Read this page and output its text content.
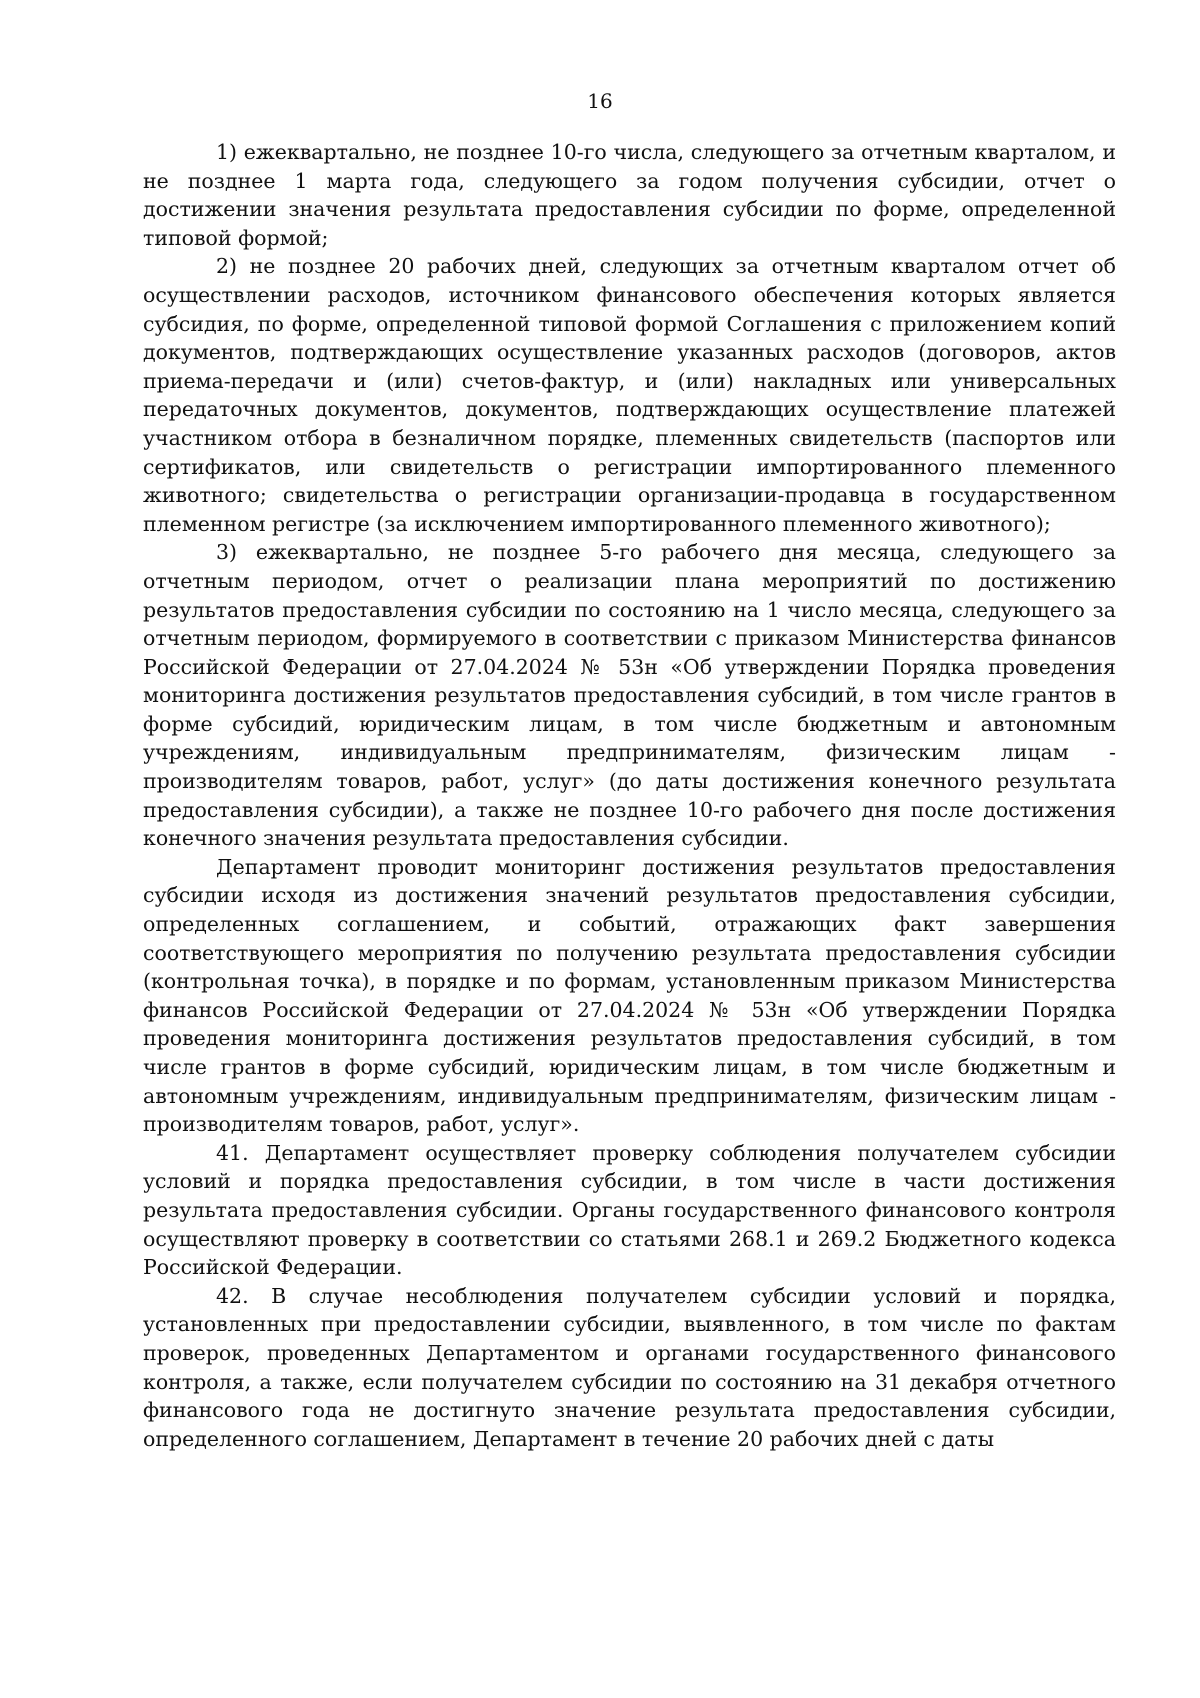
16

1) ежеквартально, не позднее 10-го числа, следующего за отчетным кварталом, и не позднее 1 марта года, следующего за годом получения субсидии, отчет о достижении значения результата предоставления субсидии по форме, определенной типовой формой;

2) не позднее 20 рабочих дней, следующих за отчетным кварталом отчет об осуществлении расходов, источником финансового обеспечения которых является субсидия, по форме, определенной типовой формой Соглашения с приложением копий документов, подтверждающих осуществление указанных расходов (договоров, актов приема-передачи и (или) счетов-фактур, и (или) накладных или универсальных передаточных документов, документов, подтверждающих осуществление платежей участником отбора в безналичном порядке, племенных свидетельств (паспортов или сертификатов, или свидетельств о регистрации импортированного племенного животного; свидетельства о регистрации организации-продавца в государственном племенном регистре (за исключением импортированного племенного животного);

3) ежеквартально, не позднее 5-го рабочего дня месяца, следующего за отчетным периодом, отчет о реализации плана мероприятий по достижению результатов предоставления субсидии по состоянию на 1 число месяца, следующего за отчетным периодом, формируемого в соответствии с приказом Министерства финансов Российской Федерации от 27.04.2024 № 53н «Об утверждении Порядка проведения мониторинга достижения результатов предоставления субсидий, в том числе грантов в форме субсидий, юридическим лицам, в том числе бюджетным и автономным учреждениям, индивидуальным предпринимателям, физическим лицам - производителям товаров, работ, услуг» (до даты достижения конечного результата предоставления субсидии), а также не позднее 10-го рабочего дня после достижения конечного значения результата предоставления субсидии.

Департамент проводит мониторинг достижения результатов предоставления субсидии исходя из достижения значений результатов предоставления субсидии, определенных соглашением, и событий, отражающих факт завершения соответствующего мероприятия по получению результата предоставления субсидии (контрольная точка), в порядке и по формам, установленным приказом Министерства финансов Российской Федерации от 27.04.2024 № 53н «Об утверждении Порядка проведения мониторинга достижения результатов предоставления субсидий, в том числе грантов в форме субсидий, юридическим лицам, в том числе бюджетным и автономным учреждениям, индивидуальным предпринимателям, физическим лицам - производителям товаров, работ, услуг».

41. Департамент осуществляет проверку соблюдения получателем субсидии условий и порядка предоставления субсидии, в том числе в части достижения результата предоставления субсидии. Органы государственного финансового контроля осуществляют проверку в соответствии со статьями 268.1 и 269.2 Бюджетного кодекса Российской Федерации.

42. В случае несоблюдения получателем субсидии условий и порядка, установленных при предоставлении субсидии, выявленного, в том числе по фактам проверок, проведенных Департаментом и органами государственного финансового контроля, а также, если получателем субсидии по состоянию на 31 декабря отчетного финансового года не достигнуто значение результата предоставления субсидии, определенного соглашением, Департамент в течение 20 рабочих дней с даты
